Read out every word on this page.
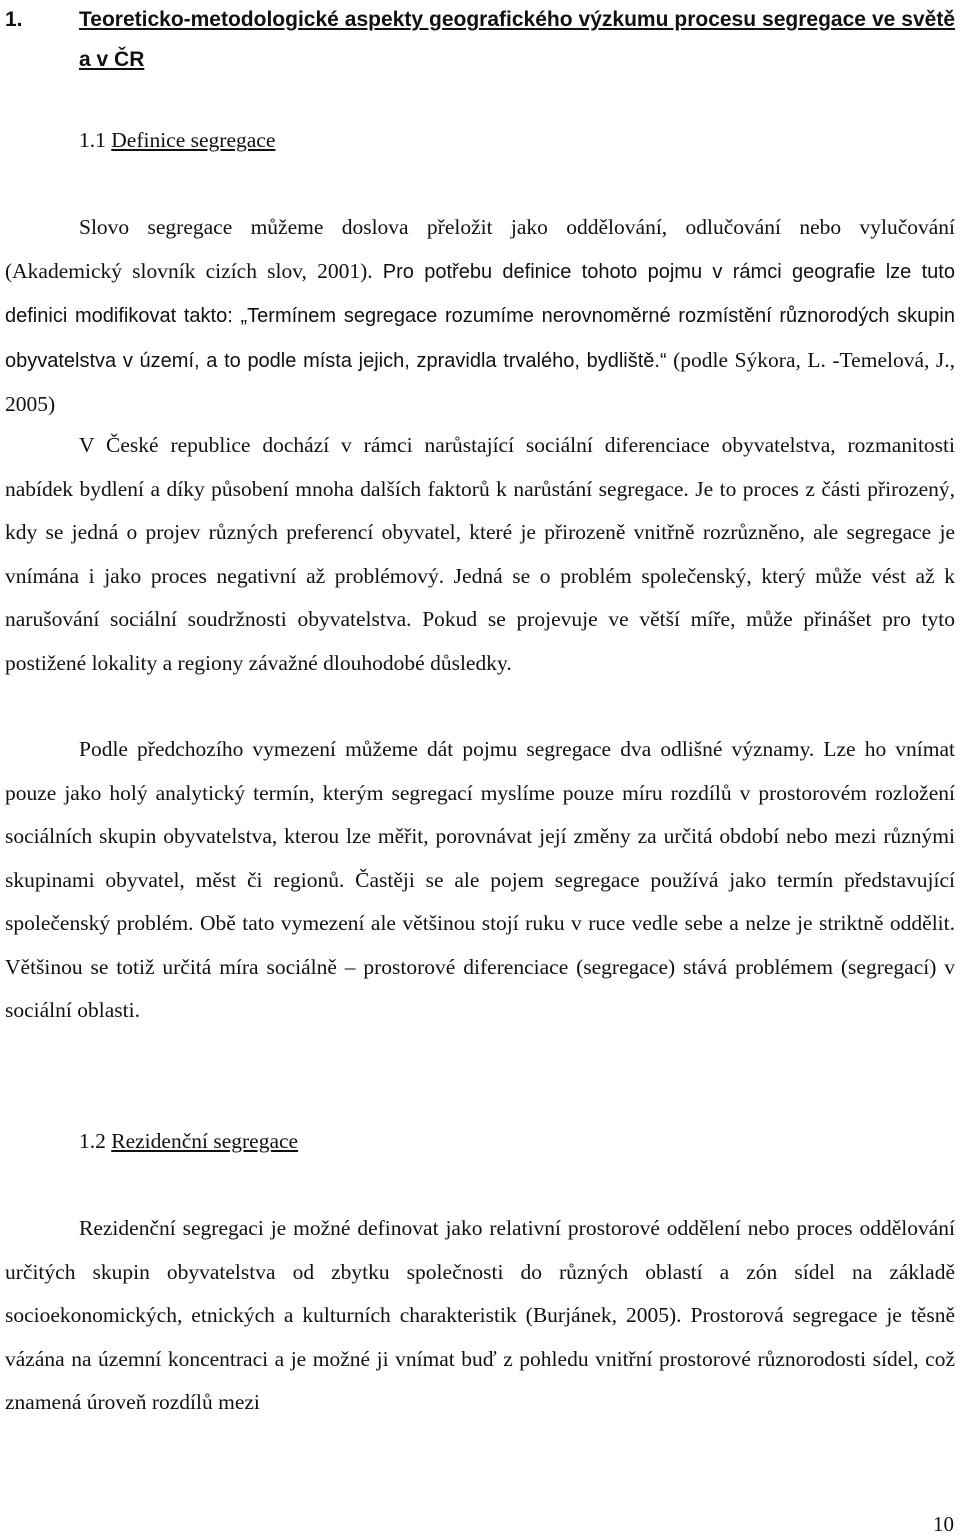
1.	Teoreticko-metodologické aspekty geografického výzkumu procesu segregace ve světě a v ČR
1.1 Definice segregace

Slovo segregace můžeme doslova přeložit jako oddělování, odlučování nebo vylučování (Akademický slovník cizích slov, 2001). Pro potřebu definice tohoto pojmu v rámci geografie lze tuto definici modifikovat takto: „Termínem segregace rozumíme nerovnoměrné rozmístění různorodých skupin obyvatelstva v území, a to podle místa jejich, zpravidla trvalého, bydliště.“ (podle Sýkora, L. -Temelová, J., 2005)

V České republice dochází v rámci narůstající sociální diferenciace obyvatelstva, rozmanitosti nabídek bydlení a díky působení mnoha dalších faktorů k narůstání segregace. Je to proces z části přirozený, kdy se jedná o projev různých preferencí obyvatel, které je přirozeně vnitřně rozrůzněno, ale segregace je vnímána i jako proces negativní až problémový. Jedná se o problém společenský, který může vést až k narušování sociální soudržnosti obyvatelstva. Pokud se projevuje ve větší míře, může přinášet pro tyto postižené lokality a regiony závažné dlouhodobé důsledky.

Podle předchozího vymezení můžeme dát pojmu segregace dva odlišné významy. Lze ho vnímat pouze jako holý analytický termín, kterým segregací myslíme pouze míru rozdílů v prostorovém rozložení sociálních skupin obyvatelstva, kterou lze měřit, porovnávat její změny za určitá období nebo mezi různými skupinami obyvatel, měst či regionů. Častěji se ale pojem segregace používá jako termín představující společenský problém. Obě tato vymezení ale většinou stojí ruku v ruce vedle sebe a nelze je striktně oddělit. Většinou se totiž určitá míra sociálně – prostorové diferenciace (segregace) stává problémem (segregací) v sociální oblasti.

1.2 Rezidenční segregace

Rezidenční segregaci je možné definovat jako relativní prostorové oddělení nebo proces oddělování určitých skupin obyvatelstva od zbytku společnosti do různých oblastí a zón sídel na základě socioekonomických, etnických a kulturních charakteristik (Burjánek, 2005). Prostorová segregace je těsně vázána na územní koncentraci a je možné ji vnímat buď z pohledu vnitřní prostorové různorodosti sídel, což znamená úroveň rozdílů mezi

10
